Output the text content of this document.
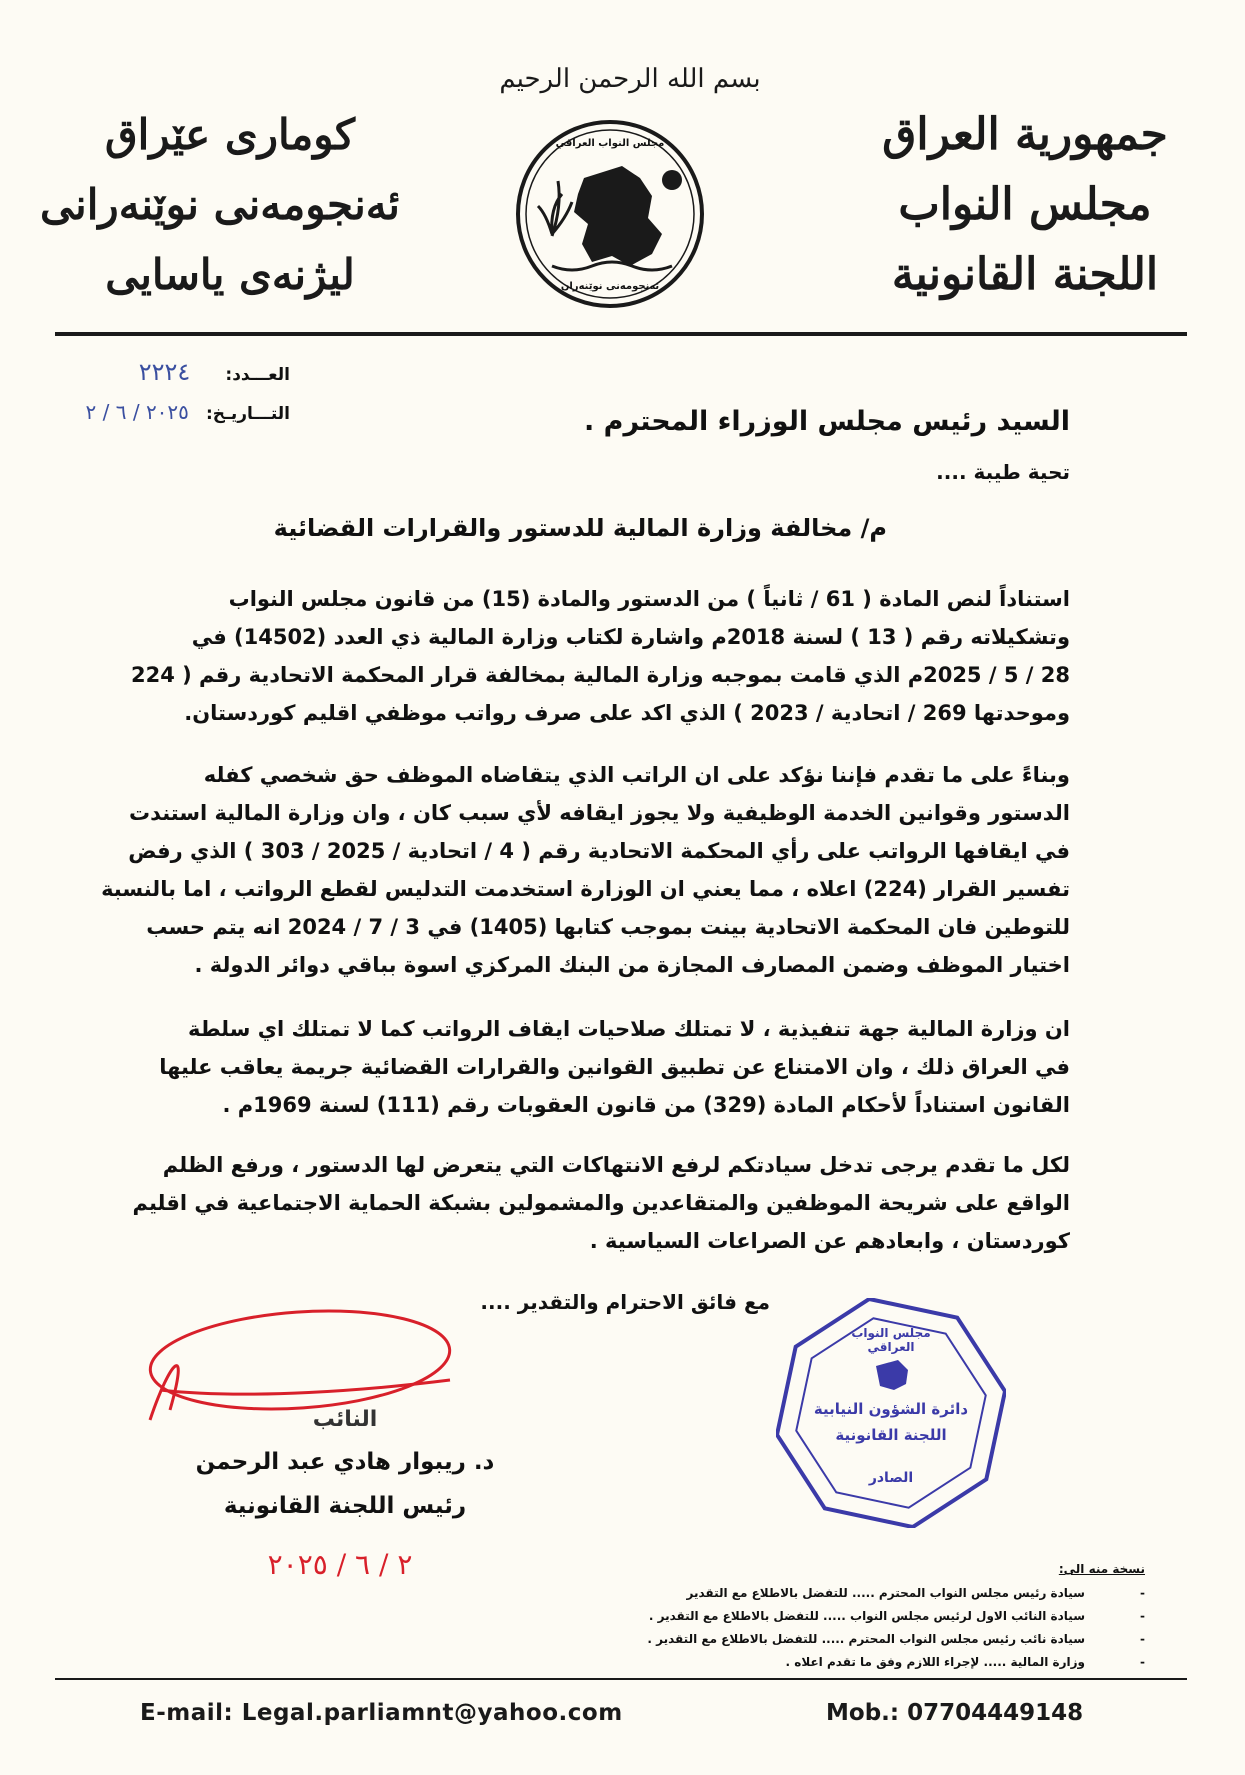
بسم الله الرحمن الرحيم
جمهورية العراق
مجلس النواب
اللجنة القانونية
كوماری عێراق
ئەنجومەنی نوێنەرانی
لیژنەی یاسایی
مجلس النواب العراقي
ئەنجومەنی نوێنەران
العـــدد: ٢٢٢٤
التـــاريـخ: ٢٠٢٥ / ٦ / ٢	السيد رئيس مجلس الوزراء المحترم .
تحية طيبة ....
م/ مخالفة وزارة المالية للدستور والقرارات القضائية
استناداً لنص المادة ( 61 / ثانياً ) من الدستور والمادة (15) من قانون مجلس النواب
وتشكيلاته رقم ( 13 ) لسنة 2018م واشارة لكتاب وزارة المالية ذي العدد (14502) في
28 / 5 / 2025م الذي قامت بموجبه وزارة المالية بمخالفة قرار المحكمة الاتحادية رقم ( 224
وموحدتها 269 / اتحادية / 2023 ) الذي اكد على صرف رواتب موظفي اقليم كوردستان.
وبناءً على ما تقدم فإننا نؤكد على ان الراتب الذي يتقاضاه الموظف حق شخصي كفله
الدستور وقوانين الخدمة الوظيفية ولا يجوز ايقافه لأي سبب كان ، وان وزارة المالية استندت
في ايقافها الرواتب على رأي المحكمة الاتحادية رقم ( 4 / اتحادية / 2025 / 303 ) الذي رفض
تفسير القرار (224) اعلاه ، مما يعني ان الوزارة استخدمت التدليس لقطع الرواتب ، اما بالنسبة
للتوطين فان المحكمة الاتحادية بينت بموجب كتابها (1405) في 3 / 7 / 2024 انه يتم حسب
اختيار الموظف وضمن المصارف المجازة من البنك المركزي اسوة بباقي دوائر الدولة .
ان وزارة المالية جهة تنفيذية ، لا تمتلك صلاحيات ايقاف الرواتب كما لا تمتلك اي سلطة
في العراق ذلك ، وان الامتناع عن تطبيق القوانين والقرارات القضائية جريمة يعاقب عليها
القانون استناداً لأحكام المادة (329) من قانون العقوبات رقم (111) لسنة 1969م .
لكل ما تقدم يرجى تدخل سيادتكم لرفع الانتهاكات التي يتعرض لها الدستور ، ورفع الظلم
الواقع على شريحة الموظفين والمتقاعدين والمشمولين بشبكة الحماية الاجتماعية في اقليم
كوردستان ، وابعادهم عن الصراعات السياسية .
مع فائق الاحترام والتقدير ....
النائب
د. ريبوار هادي عبد الرحمن
رئيس اللجنة القانونية
٢ / ٦ / ٢٠٢٥
مجلس النواب العراقي
دائرة الشؤون النيابية
اللجنة القانونية
الصادر
نسخة منه الى:
- سيادة رئيس مجلس النواب المحترم ..... للتفضل بالاطلاع مع التقدير
- سيادة النائب الاول لرئيس مجلس النواب ..... للتفضل بالاطلاع مع التقدير .
- سيادة نائب رئيس مجلس النواب المحترم ..... للتفضل بالاطلاع مع التقدير .
- وزارة المالية ..... لإجراء اللازم وفق ما تقدم اعلاه .
E-mail: Legal.parliamnt@yahoo.com	Mob.: 07704449148
